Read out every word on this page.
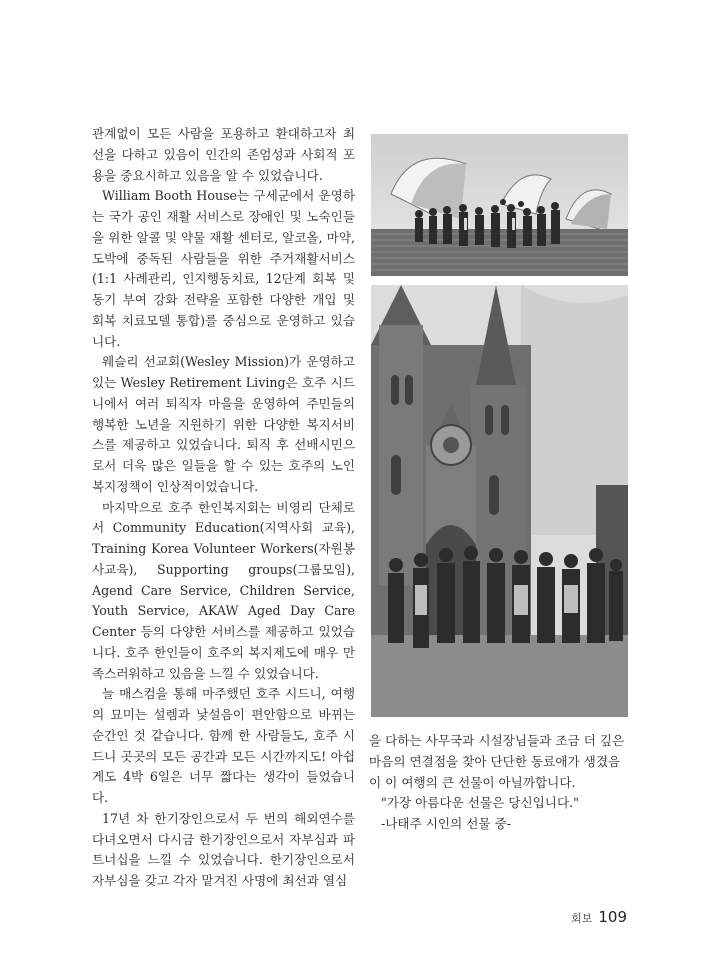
관계없이 모든 사람을 포용하고 환대하고자 최선을 다하고 있음이 인간의 존엄성과 사회적 포용을 중요시하고 있음을 알 수 있었습니다.

William Booth House는 구세군에서 운영하는 국가 공인 재활 서비스로 장애인 및 노숙인들을 위한 알콜 및 약물 재활 센터로, 알코올, 마약, 도박에 중독된 사람들을 위한 주거재활서비스(1:1 사례관리, 인지행동치료, 12단계 회복 및 동기 부여 강화 전략을 포함한 다양한 개입 및 회복 치료모델 통합)를 중심으로 운영하고 있습니다.

웨슬리 선교회(Wesley Mission)가 운영하고 있는 Wesley Retirement Living은 호주 시드니에서 여러 퇴직자 마을을 운영하여 주민들의 행복한 노년을 지원하기 위한 다양한 복지서비스를 제공하고 있었습니다. 퇴직 후 선배시민으로서 더욱 많은 일들을 할 수 있는 호주의 노인복지정책이 인상적이었습니다.

마지막으로 호주 한인복지회는 비영리 단체로서 Community Education(지역사회 교육), Training Korea Volunteer Workers(자원봉사교육), Supporting groups(그룹모임), Agend Care Service, Children Service, Youth Service, AKAW Aged Day Care Center 등의 다양한 서비스를 제공하고 있었습니다. 호주 한인들이 호주의 복지제도에 매우 만족스러워하고 있음을 느낄 수 있었습니다.

늘 매스컴을 통해 마주했던 호주 시드니, 여행의 묘미는 설렘과 낯설음이 편안함으로 바뀌는 순간인 것 같습니다. 함께 한 사람들도, 호주 시드니 곳곳의 모든 공간과 모든 시간까지도! 아쉽게도 4박 6일은 너무 짧다는 생각이 들었습니다.

17년 차 한기장인으로서 두 번의 해외연수를 다녀오면서 다시금 한기장인으로서 자부심과 파트너십을 느낄 수 있었습니다. 한기장인으로서 자부심을 갖고 각자 맡겨진 사명에 최선과 열심

을 다하는 사무국과 시설장님들과 조금 더 깊은 마음의 연결점을 찾아 단단한 동료애가 생겼음이 이 여행의 큰 선물이 아닐까합니다.

"가장 아름다운 선물은 당신입니다."

-나태주 시인의 선물 중-

회보 109
